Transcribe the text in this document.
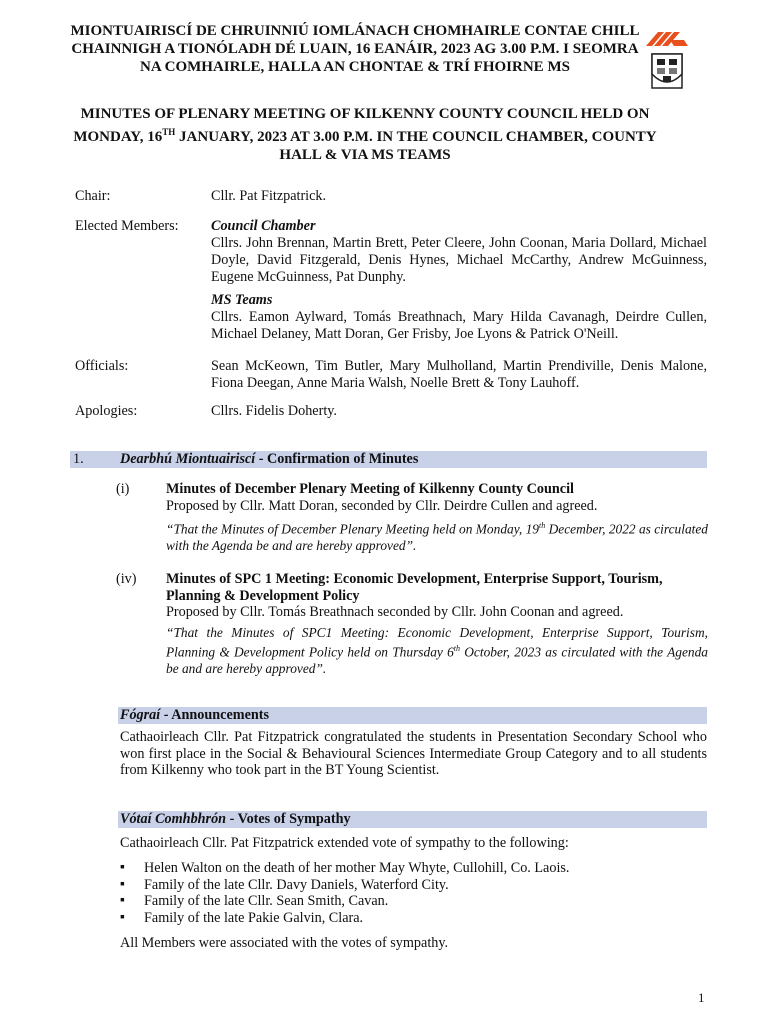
MIONTUAIRISCÍ DE CHRUINNIÚ IOMLÁNACH CHOMHAIRLE CONTAE CHILL CHAINNIGH A TIONÓLADH DÉ LUAIN, 16 EANÁIR, 2023 AG 3.00 P.M. I SEOMRA NA COMHAIRLE, HALLA AN CHONTAE & TRÍ FHOIRNE MS
MINUTES OF PLENARY MEETING OF KILKENNY COUNTY COUNCIL HELD ON MONDAY, 16TH JANUARY, 2023 AT 3.00 P.M. IN THE COUNCIL CHAMBER, COUNTY HALL & VIA MS TEAMS
Chair:	Cllr. Pat Fitzpatrick.
Elected Members: Council Chamber

Cllrs. John Brennan, Martin Brett, Peter Cleere, John Coonan, Maria Dollard, Michael Doyle, David Fitzgerald, Denis Hynes, Michael McCarthy, Andrew McGuinness, Eugene McGuinness, Pat Dunphy.

MS Teams

Cllrs. Eamon Aylward, Tomás Breathnach, Mary Hilda Cavanagh, Deirdre Cullen, Michael Delaney, Matt Doran, Ger Frisby, Joe Lyons & Patrick O'Neill.

Officials:	Sean McKeown, Tim Butler, Mary Mulholland, Martin Prendiville, Denis Malone, Fiona Deegan, Anne Maria Walsh, Noelle Brett & Tony Lauhoff.
Apologies:	Cllrs. Fidelis Doherty.
1.	Dearbhú Miontuairiscí - Confirmation of Minutes
(i)	Minutes of December Plenary Meeting of Kilkenny County Council

Proposed by Cllr. Matt Doran, seconded by Cllr. Deirdre Cullen and agreed.

“That the Minutes of December Plenary Meeting held on Monday, 19th December, 2022 as circulated with the Agenda be and are hereby approved”.

(iv) Minutes of SPC 1 Meeting: Economic Development, Enterprise Support, Tourism, Planning & Development Policy

Proposed by Cllr. Tomás Breathnach seconded by Cllr. John Coonan and agreed.

“That the Minutes of SPC1 Meeting: Economic Development, Enterprise Support, Tourism, Planning & Development Policy held on Thursday 6th October, 2023 as circulated with the Agenda be and are hereby approved”.

Fógraí - Announcements

Cathaoirleach Cllr. Pat Fitzpatrick congratulated the students in Presentation Secondary School who won first place in the Social & Behavioural Sciences Intermediate Group Category and to all students from Kilkenny who took part in the BT Young Scientist.

Vótaí Comhbhrón - Votes of Sympathy

Cathaoirleach Cllr. Pat Fitzpatrick extended vote of sympathy to the following:

▪ Helen Walton on the death of her mother May Whyte, Cullohill, Co. Laois.
▪ Family of the late Cllr. Davy Daniels, Waterford City.
▪ Family of the late Cllr. Sean Smith, Cavan.
▪ Family of the late Pakie Galvin, Clara.

All Members were associated with the votes of sympathy.

1
